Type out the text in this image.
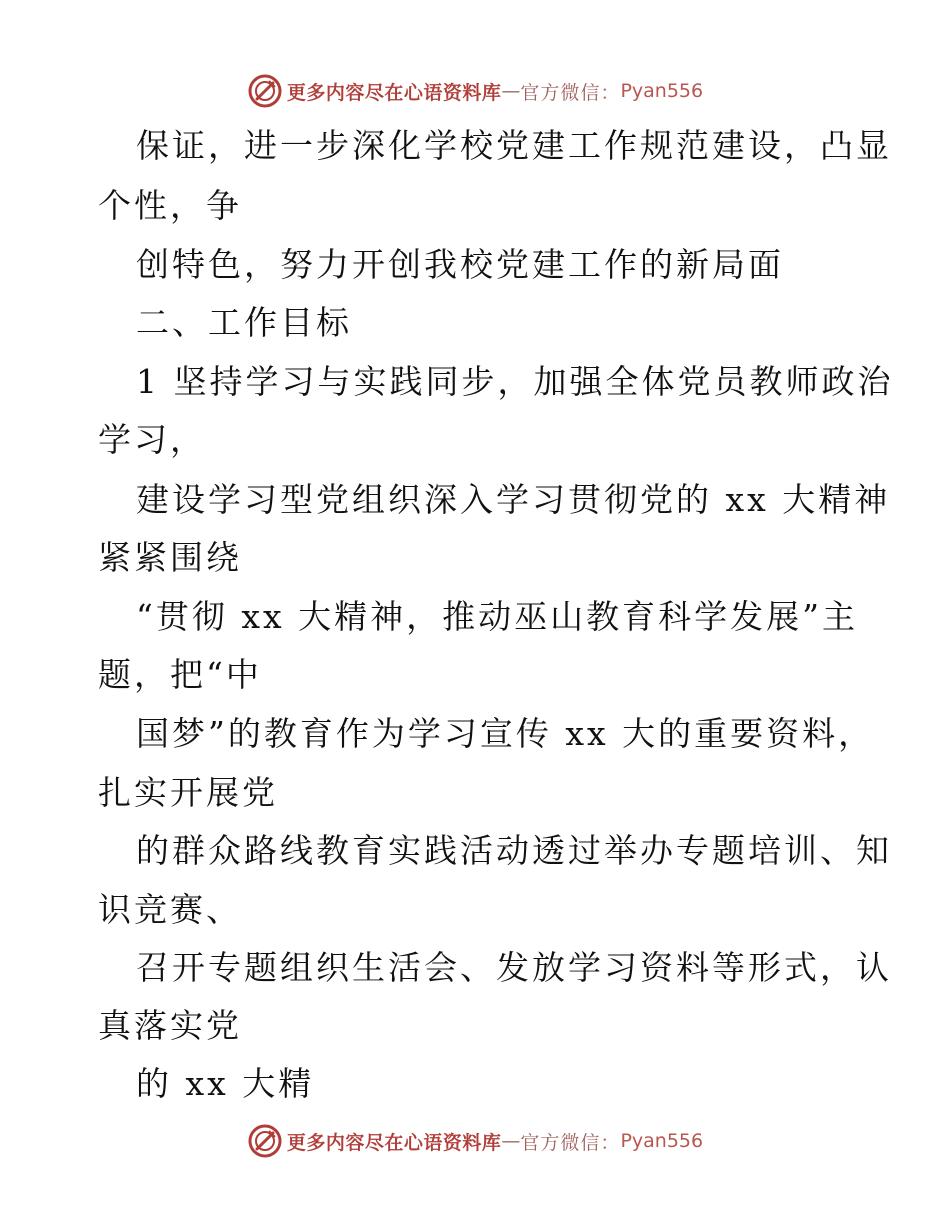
更多内容尽在心语资料库 — 官方微信： Pyan556
保证，进一步深化学校党建工作规范建设，凸显
个性，争
创特色，努力开创我校党建工作的新局面
二、工作目标
1 坚持学习与实践同步，加强全体党员教师政治
学习，
建设学习型党组织深入学习贯彻党的 xx 大精神
紧紧围绕
“贯彻 xx 大精神，推动巫山教育科学发展”主
题，把“中
国梦”的教育作为学习宣传 xx 大的重要资料，
扎实开展党
的群众路线教育实践活动透过举办专题培训、知
识竞赛、
召开专题组织生活会、发放学习资料等形式，认
真落实党
的 xx 大精
更多内容尽在心语资料库 — 官方微信： Pyan556
